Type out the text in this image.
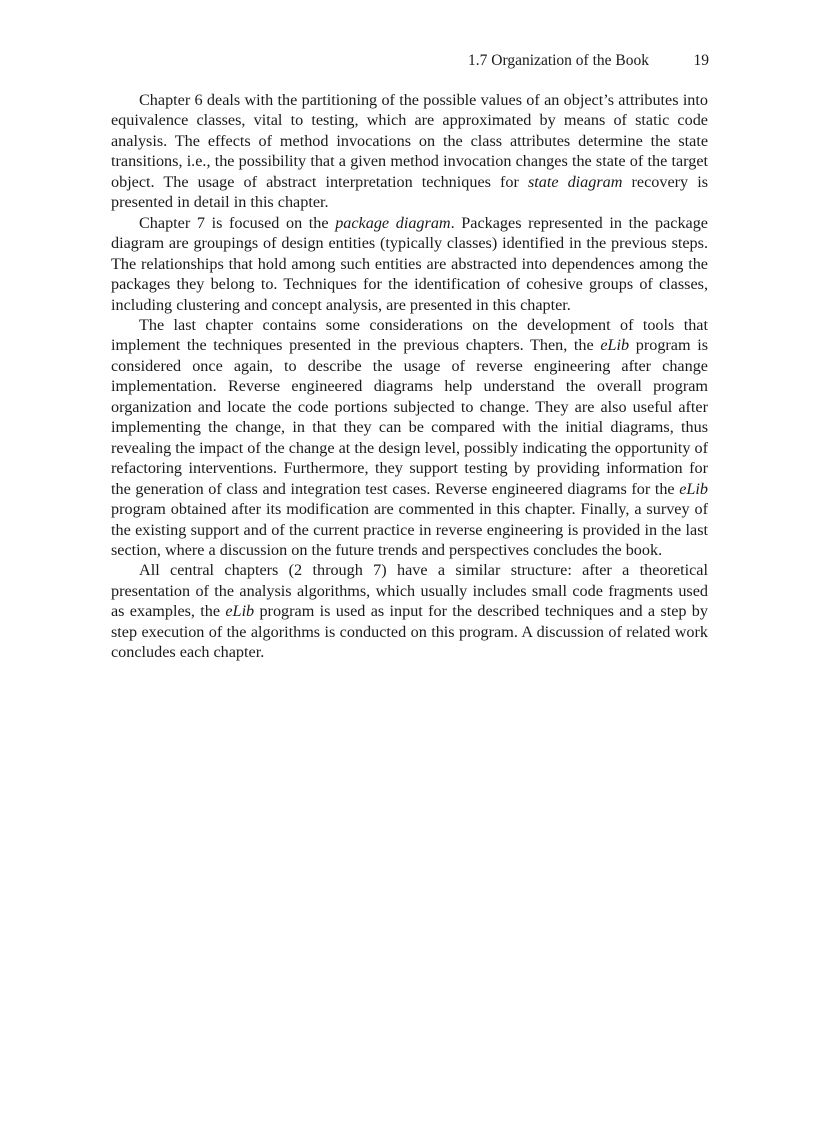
1.7 Organization of the Book	19

Chapter 6 deals with the partitioning of the possible values of an object’s attributes into equivalence classes, vital to testing, which are approximated by means of static code analysis. The effects of method invocations on the class attributes determine the state transitions, i.e., the possibility that a given method invocation changes the state of the target object. The usage of abstract interpretation techniques for state diagram recovery is presented in detail in this chapter.

Chapter 7 is focused on the package diagram. Packages represented in the package diagram are groupings of design entities (typically classes) identified in the previous steps. The relationships that hold among such entities are abstracted into dependences among the packages they belong to. Techniques for the identification of cohesive groups of classes, including clustering and concept analysis, are presented in this chapter.

The last chapter contains some considerations on the development of tools that implement the techniques presented in the previous chapters. Then, the eLib program is considered once again, to describe the usage of reverse engineering after change implementation. Reverse engineered diagrams help understand the overall program organization and locate the code portions subjected to change. They are also useful after implementing the change, in that they can be compared with the initial diagrams, thus revealing the impact of the change at the design level, possibly indicating the opportunity of refactoring interventions. Furthermore, they support testing by providing information for the generation of class and integration test cases. Reverse engineered diagrams for the eLib program obtained after its modification are commented in this chapter. Finally, a survey of the existing support and of the current practice in reverse engineering is provided in the last section, where a discussion on the future trends and perspectives concludes the book.

All central chapters (2 through 7) have a similar structure: after a theoretical presentation of the analysis algorithms, which usually includes small code fragments used as examples, the eLib program is used as input for the described techniques and a step by step execution of the algorithms is conducted on this program. A discussion of related work concludes each chapter.
